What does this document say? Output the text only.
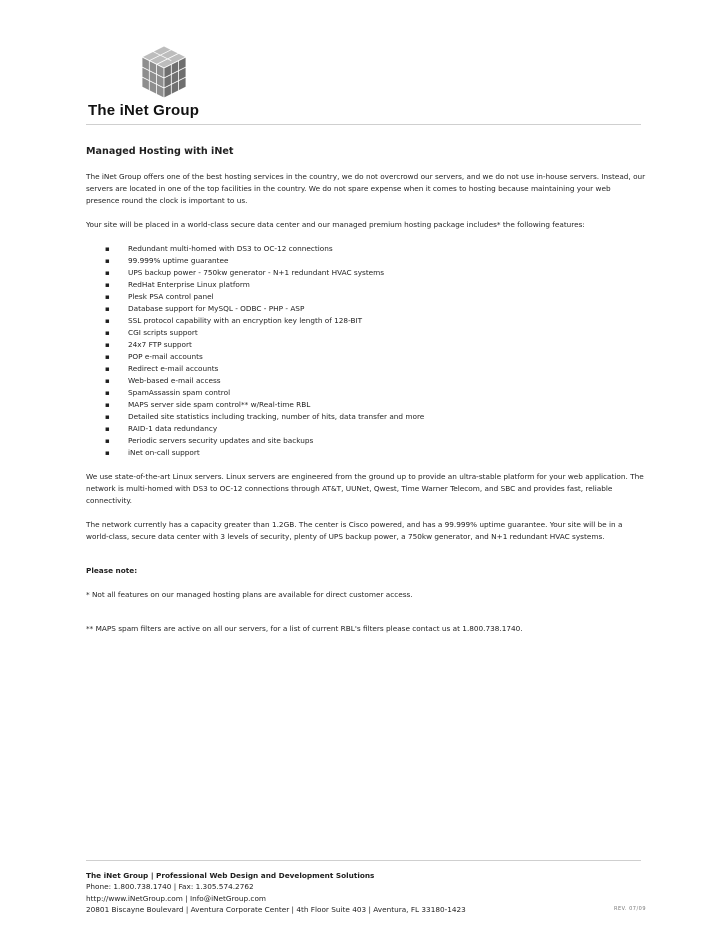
The iNet Group
Managed Hosting with iNet

The iNet Group offers one of the best hosting services in the country, we do not overcrowd our servers, and we do not use in-house servers. Instead, our servers are located in one of the top facilities in the country. We do not spare expense when it comes to hosting because maintaining your web presence round the clock is important to us.

Your site will be placed in a world-class secure data center and our managed premium hosting package includes* the following features:

▪	Redundant multi-homed with DS3 to OC-12 connections
▪	99.999% uptime guarantee
▪	UPS backup power - 750kw generator - N+1 redundant HVAC systems
▪	RedHat Enterprise Linux platform
▪	Plesk PSA control panel
▪	Database support for MySQL - ODBC - PHP - ASP
▪	SSL protocol capability with an encryption key length of 128-BIT
▪	CGI scripts support
▪	24x7 FTP support
▪	POP e-mail accounts
▪	Redirect e-mail accounts
▪	Web-based e-mail access
▪	SpamAssassin spam control
▪	MAPS server side spam control** w/Real-time RBL
▪	Detailed site statistics including tracking, number of hits, data transfer and more
▪	RAID-1 data redundancy
▪	Periodic servers security updates and site backups
▪	iNet on-call support

We use state-of-the-art Linux servers. Linux servers are engineered from the ground up to provide an ultra-stable platform for your web application. The network is multi-homed with DS3 to OC-12 connections through AT&T, UUNet, Qwest, Time Warner Telecom, and SBC and provides fast, reliable connectivity.

The network currently has a capacity greater than 1.2GB. The center is Cisco powered, and has a 99.999% uptime guarantee. Your site will be in a world-class, secure data center with 3 levels of security, plenty of UPS backup power, a 750kw generator, and N+1 redundant HVAC systems.

Please note:

* Not all features on our managed hosting plans are available for direct customer access.

** MAPS spam filters are active on all our servers, for a list of current RBL's filters please contact us at 1.800.738.1740.

The iNet Group | Professional Web Design and Development Solutions
Phone: 1.800.738.1740 | Fax: 1.305.574.2762
http://www.iNetGroup.com | Info@iNetGroup.com
20801 Biscayne Boulevard | Aventura Corporate Center | 4th Floor Suite 403 | Aventura, FL 33180-1423	REV. 07/09
